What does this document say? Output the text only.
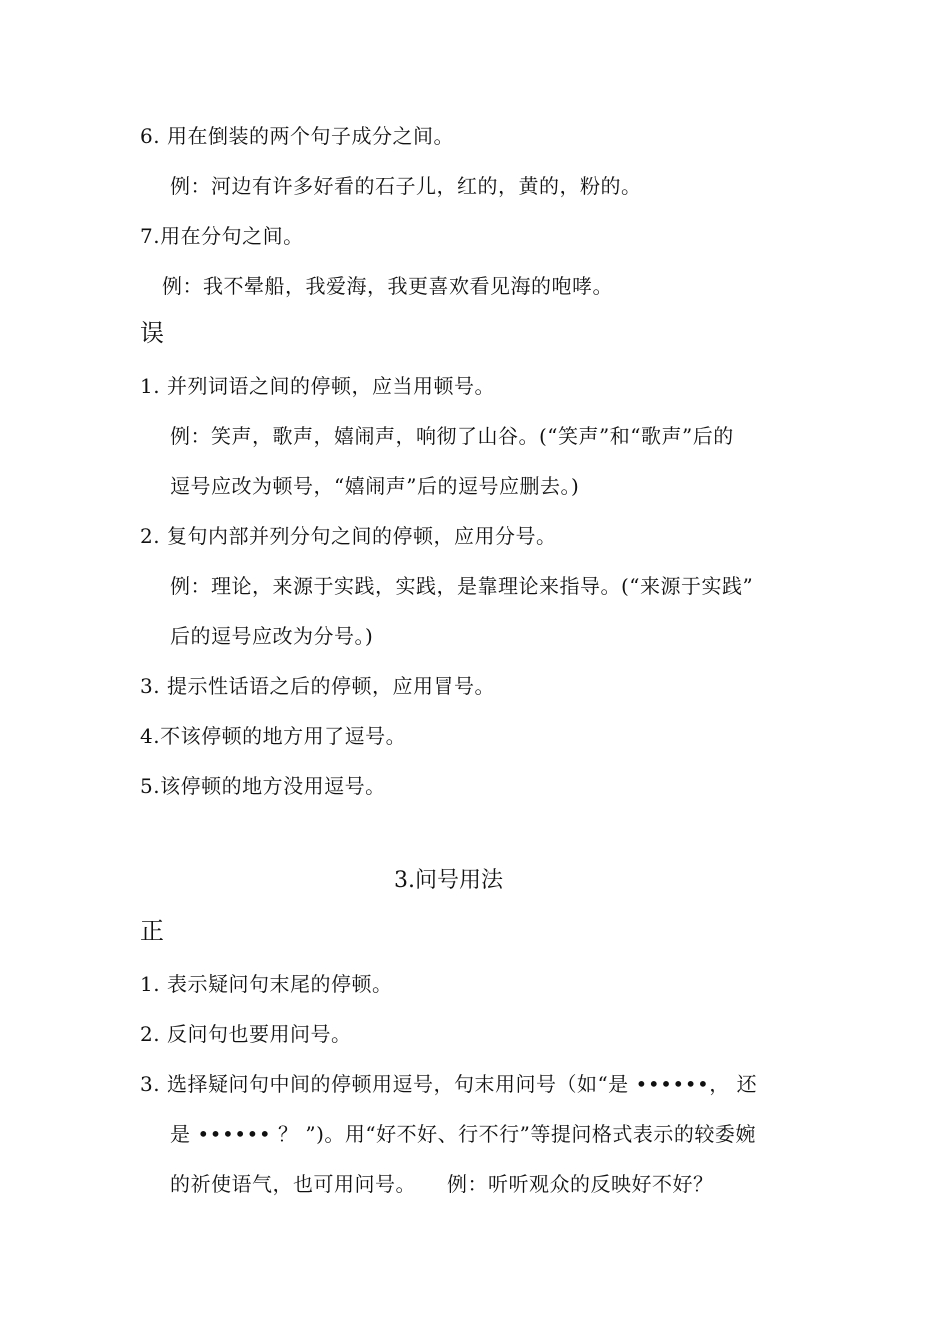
6. 用在倒装的两个句子成分之间。
例：河边有许多好看的石子儿，红的，黄的，粉的。
7.用在分句之间。
例：我不晕船，我爱海，我更喜欢看见海的咆哮。
误
1. 并列词语之间的停顿，应当用顿号。
例：笑声，歌声，嬉闹声，响彻了山谷。(“笑声”和“歌声”后的
逗号应改为顿号，“嬉闹声”后的逗号应删去。)
2. 复句内部并列分句之间的停顿，应用分号。
例：理论，来源于实践，实践，是靠理论来指导。(“来源于实践”
后的逗号应改为分号。)
3. 提示性话语之后的停顿，应用冒号。
4.不该停顿的地方用了逗号。
5.该停顿的地方没用逗号。
3.问号用法
正
1. 表示疑问句末尾的停顿。
2. 反问句也要用问号。
3. 选择疑问句中间的停顿用逗号，句末用问号（如“是 ••••••， 还
是 •••••• ？ ”)。用“好不好、行不行”等提问格式表示的较委婉
的祈使语气，也可用问号。　　例：听听观众的反映好不好？
